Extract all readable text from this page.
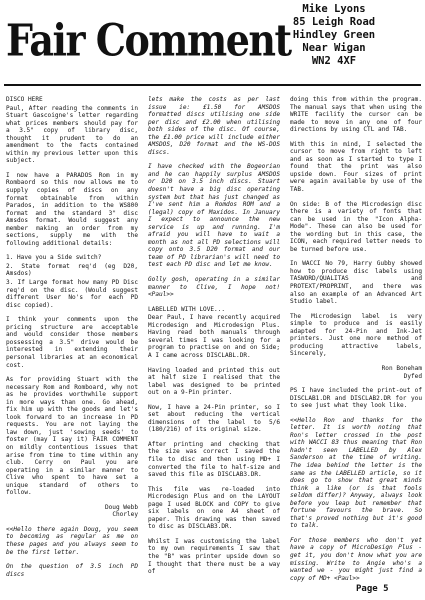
Fair Comment
Mike Lyons
85 Leigh Road
Hindley Green
Near Wigan
WN2 4XF

DISCO HERE

Paul, After reading the comments in Stuart Gascoigne's letter regarding what prices members should pay for a 3.5" copy of library disc, thought it prudent to do an amendment to the facts contained within my previous letter upon this subject.

I now have a PARADOS Rom in my Rombaord so this now allows me to supply copies of discs on any format obtainable from within Parados, in addition to the WS800 format and the standard 3" disc Amsdos format. Would suggest any member making an order from my sections, supply me with the following additional details:

1. Have you a Side switch?

2. State format req'd (eg D20, Amsdos)

3. If Large format how many PD Disc req'd on the disc. (Would suggest different User No's for each PD disc copied).

I think your comments upon the pricing structure are acceptable and would consider those members possessing a 3.5" drive would be interested in extending their personal libraries at an economical cost.

As for providing Stuart with the necessary Rom and Romboard, why not as he provides worthwhile support in more ways than one. Go ahead, fix him up with the goods and let's look forward to an increase in PD requests. You are not laying the law down, just 'sowing seeds' to foster (may I say it) FAIR COMMENT on mildly contentious issues that arise from time to time within any club. Cerry on Paul you are operating in a similar manner to Clive who spent to have set a unique standard of others to follow.

Doug Webb
Chorley

<<Hello there again Doug, you seem to becoming as regular as me on these pages and you always seem to be the first letter.

On the question of 3.5 inch PD discs

lets make the costs as per last issue ie: £1.50 for AMSDOS formatted discs utilising one side per disc and £2.00 when utilising both sides of the disc. Of course, the £1.00 price will include either AMSDOS, D20 format and the WS-DOS discs.

I have checked with the Bogeorian and he can happily surplus AMSDOS or D20 on 3.5 inch discs. Stuart doesn't have a big disc operating system but that has just changed as I've sent him a Romdos ROM and a (legal) copy of Maxidos. In January I expect to announce the new service is up and running. I'm afraid you will have to wait a month as not all PD selections will copy onto 3.5 D20 format and our team of PD librarian's will need to test each PD disc and let me know.

Golly gosh, operating in a similar manner to Clive, I hope not! <Paul>>

LABELLED WITH LOVE...

Dear Paul, I have recently acquired Microdesign and Microdesign Plus. Having read both manuals through several times I was looking for a program to practise on and on Side; A I came across DISCLABL.DR.

Having loaded and printed this out at half size I realised that the label was designed to be printed out on a 9-Pin printer.

Now, I have a 24-Pin printer, so I set about reducing the vertical dimensions of the label to 5/6 (180/216) of its original size.

After printing and checking that the size was correct I saved the file to disc and then using MD+ I converted the file to half-size and saved this file as DISCLAB3.DR.

This file was re-loaded into Microdesign Plus and on the LAYOUT page I used BLOCK and COPY to give six labels on one A4 sheet of paper. This drawing was then saved to disc as DISCLAB3.DR.

Whilst I was customising the label to my own requirements I saw that the "B" was printer upside down so I thought that there must be a way of

doing this from within the program. The manual says that when using the WRITE facility the cursor can be made to move in any one of four directions by using CTL and TAB.

With this in mind, I selected the cursor to move from right to left and as soon as I started to type I found that the print was also upside down. Four sizes of print were again available by use of the TAB.

On side: B of the Microdesign disc there is a variety of fonts that can be used in the "Icon Alpha-Mode". These can also be used for the wording but in this case, the ICON, each required letter needs to be turned before use.

In WACCI No 79, Harry Gubby showed how to produce disc labels using TASWORD/QUALITAS and PROTEXT/PROPRINT, and there was also an example of an Advanced Art Studio label.

The Microdesign label is very simple to produce and is easily adapted for 24-Pin and Ink-Jet printers. Just one more method of producing attractive labels, Sincerely,

Ron Boneham
Dyfed

PS I have included the print-out of DISCLAB1.DR and DISCLAB2.DR for you to see just what they look like.

<<Hello Ron and thanks for the letter. It is worth noting that Ron's letter crossed in the post with WACCI 83 thus meaning that Ron hadn't seen LABELLED by Alex Sanderson at the time of writing. The idea behind the letter is the same as the LABELLED article, so it does go to show that great minds think a like (or is that fools seldom differ)? Anyway, always look before you leap but remember that fortune favours the brave. So that's proved nothing but it's good to talk.

For those members who don't yet have a copy of MicroDesign Plus - get it, you don't know what you are missing. Write to Angie who's a wanted we - you might just find a copy of MD+ <Paul>>

Page 5
